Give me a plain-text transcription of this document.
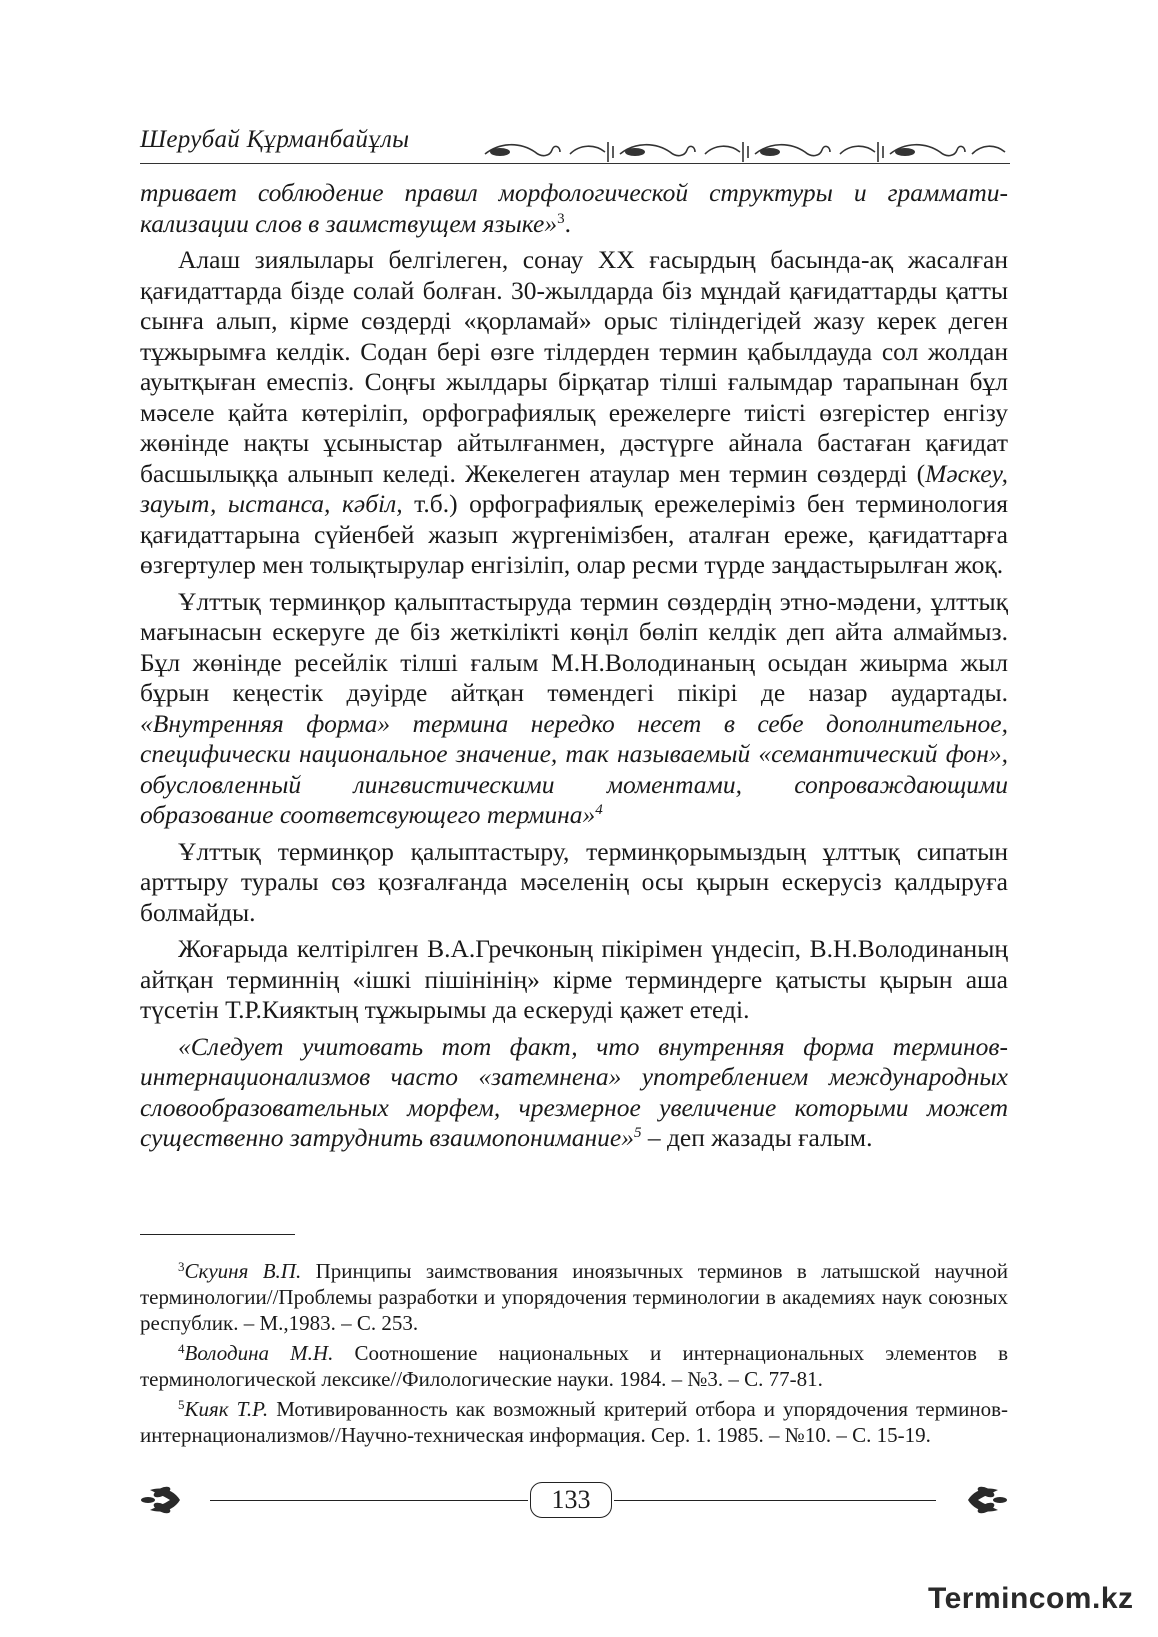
Шерубай Құрманбайұлы

тривает соблюдение правил морфологической структуры и грамматикализации слов в заимствущем языке»$^3$.

Алаш зиялылары белгілеген, сонау XX ғасырдың басында-ақ жасалған қағидаттарда бізде солай болған. 30-жылдарда біз мұндай қағидаттарды қатты сынға алып, кірме сөздерді «қорламай» орыс тіліндегідей жазу керек деген тұжырымға келдік. Содан бері өзге тілдерден термин қабылдауда сол жолдан ауытқыған емеспіз. Соңғы жылдары бірқатар тілші ғалымдар тарапынан бұл мәселе қайта көтеріліп, орфографиялық ережелерге тиісті өзгерістер енгізу жөнінде нақты ұсыныстар айтылғанмен, дәстүрге айнала бастаған қағидат басшылыққа алынып келеді. Жекелеген атаулар мен термин сөздерді (Мәскеу, зауыт, ыстанса, кәбіл, т.б.) орфографиялық ережелеріміз бен терминология қағидаттарына сүйенбей жазып жүргенімізбен, аталған ереже, қағидаттарға өзгертулер мен толықтырулар енгізіліп, олар ресми түрде заңдастырылған жоқ.

Ұлттық терминқор қалыптастыруда термин сөздердің этно-мәдени, ұлттық мағынасын ескеруге де біз жеткілікті көңіл бөліп келдік деп айта алмаймыз. Бұл жөнінде ресейлік тілші ғалым М.Н.Володинаның осыдан жиырма жыл бұрын кеңестік дәуірде айтқан төмендегі пікірі де назар аудартады. «Внутренняя форма» термина нередко несет в себе дополнительное, специфически национальное значение, так называемый «семантический фон», обусловленный лингвистическими моментами, сопроваждающими образование соответсвующего термина»$^4$

Ұлттық терминқор қалыптастыру, терминқорымыздың ұлттық сипатын арттыру туралы сөз қозғалғанда мәселенің осы қырын ескерусіз қалдыруға болмайды.

Жоғарыда келтірілген В.А.Гречконың пікірімен үндесіп, В.Н.Володинаның айтқан терминнің «ішкі пішінінің» кірме терминдерге қатысты қырын аша түсетін Т.Р.Кияктың тұжырымы да ескеруді қажет етеді.

«Следует учитовать тот факт, что внутренняя форма терминов-интернационализмов часто «затемнена» употреблением международных словообразовательных морфем, чрезмерное увеличение которыми может существенно затруднить взаимопонимание»$^5$ – деп жазады ғалым.

$^3$Скуиня В.П. Принципы заимствования иноязычных терминов в латышской научной терминологии//Проблемы разработки и упорядочения терминологии в академиях наук союзных республик. – М.,1983. – С. 253.

$^4$Володина М.Н. Соотношение национальных и интернациональных элементов в терминологической лексике//Филологические науки. 1984. – №3. – С. 77-81.

$^5$Кияк Т.Р. Мотивированность как возможный критерий отбора и упорядочения терминов-интернационализмов//Научно-техническая информация. Сер. 1. 1985. – №10. – С. 15-19.

133
Termincom.kz
